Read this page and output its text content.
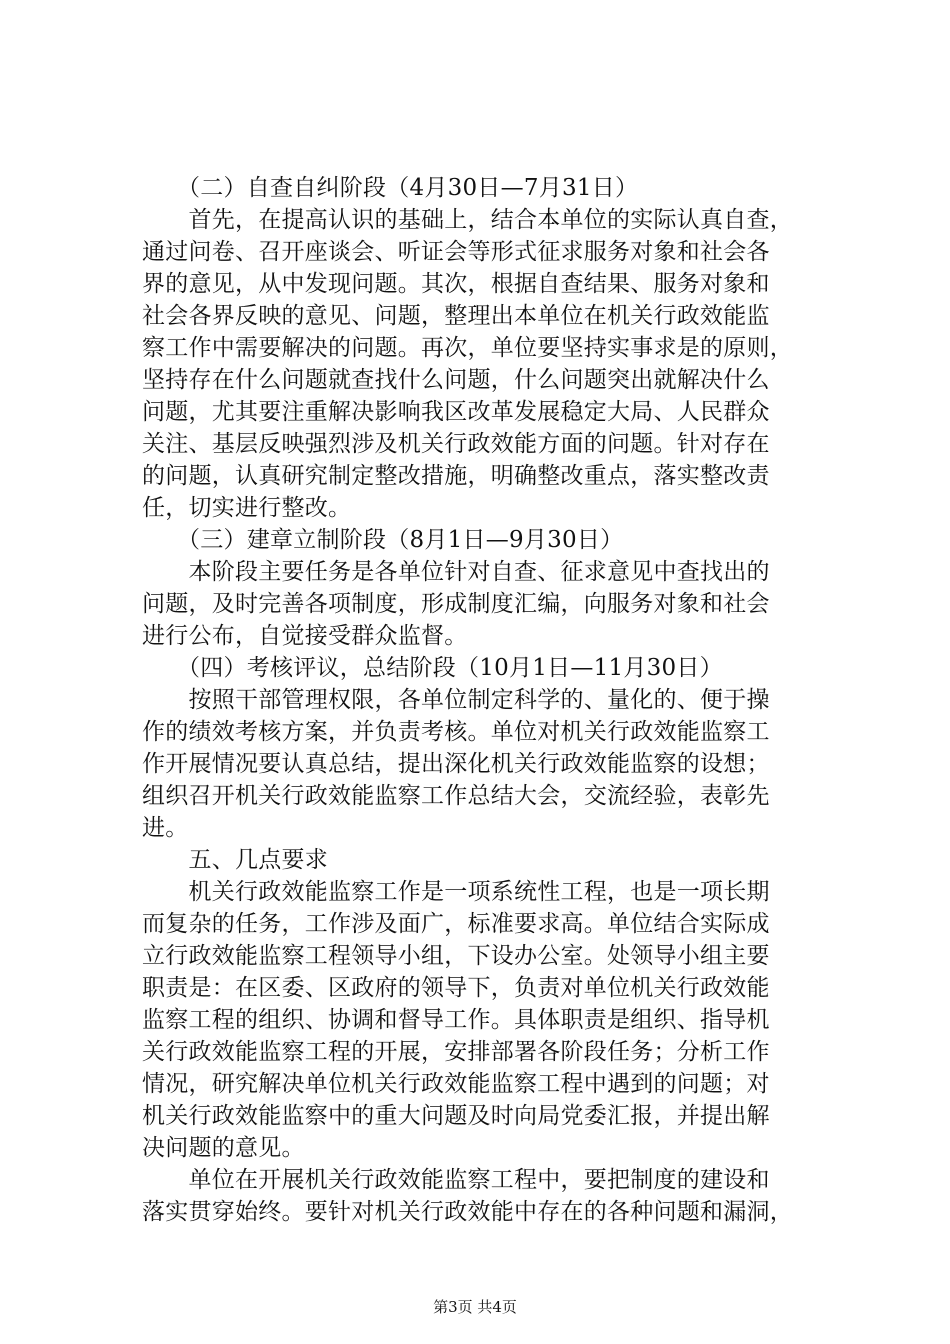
　　（二）自查自纠阶段（4月30日—7月31日）
　　首先，在提高认识的基础上，结合本单位的实际认真自查，
通过问卷、召开座谈会、听证会等形式征求服务对象和社会各
界的意见，从中发现问题。其次，根据自查结果、服务对象和
社会各界反映的意见、问题，整理出本单位在机关行政效能监
察工作中需要解决的问题。再次，单位要坚持实事求是的原则，
坚持存在什么问题就查找什么问题，什么问题突出就解决什么
问题，尤其要注重解决影响我区改革发展稳定大局、人民群众
关注、基层反映强烈涉及机关行政效能方面的问题。针对存在
的问题，认真研究制定整改措施，明确整改重点，落实整改责
任，切实进行整改。
　　（三）建章立制阶段（8月1日—9月30日）
　　本阶段主要任务是各单位针对自查、征求意见中查找出的
问题，及时完善各项制度，形成制度汇编，向服务对象和社会
进行公布，自觉接受群众监督。
　　（四）考核评议，总结阶段（10月1日—11月30日）
　　按照干部管理权限，各单位制定科学的、量化的、便于操
作的绩效考核方案，并负责考核。单位对机关行政效能监察工
作开展情况要认真总结，提出深化机关行政效能监察的设想；
组织召开机关行政效能监察工作总结大会，交流经验，表彰先
进。
　　五、几点要求
　　机关行政效能监察工作是一项系统性工程，也是一项长期
而复杂的任务，工作涉及面广，标准要求高。单位结合实际成
立行政效能监察工程领导小组，下设办公室。处领导小组主要
职责是：在区委、区政府的领导下，负责对单位机关行政效能
监察工程的组织、协调和督导工作。具体职责是组织、指导机
关行政效能监察工程的开展，安排部署各阶段任务；分析工作
情况，研究解决单位机关行政效能监察工程中遇到的问题；对
机关行政效能监察中的重大问题及时向局党委汇报，并提出解
决问题的意见。
　　单位在开展机关行政效能监察工程中，要把制度的建设和
落实贯穿始终。要针对机关行政效能中存在的各种问题和漏洞，
第3页 共4页
